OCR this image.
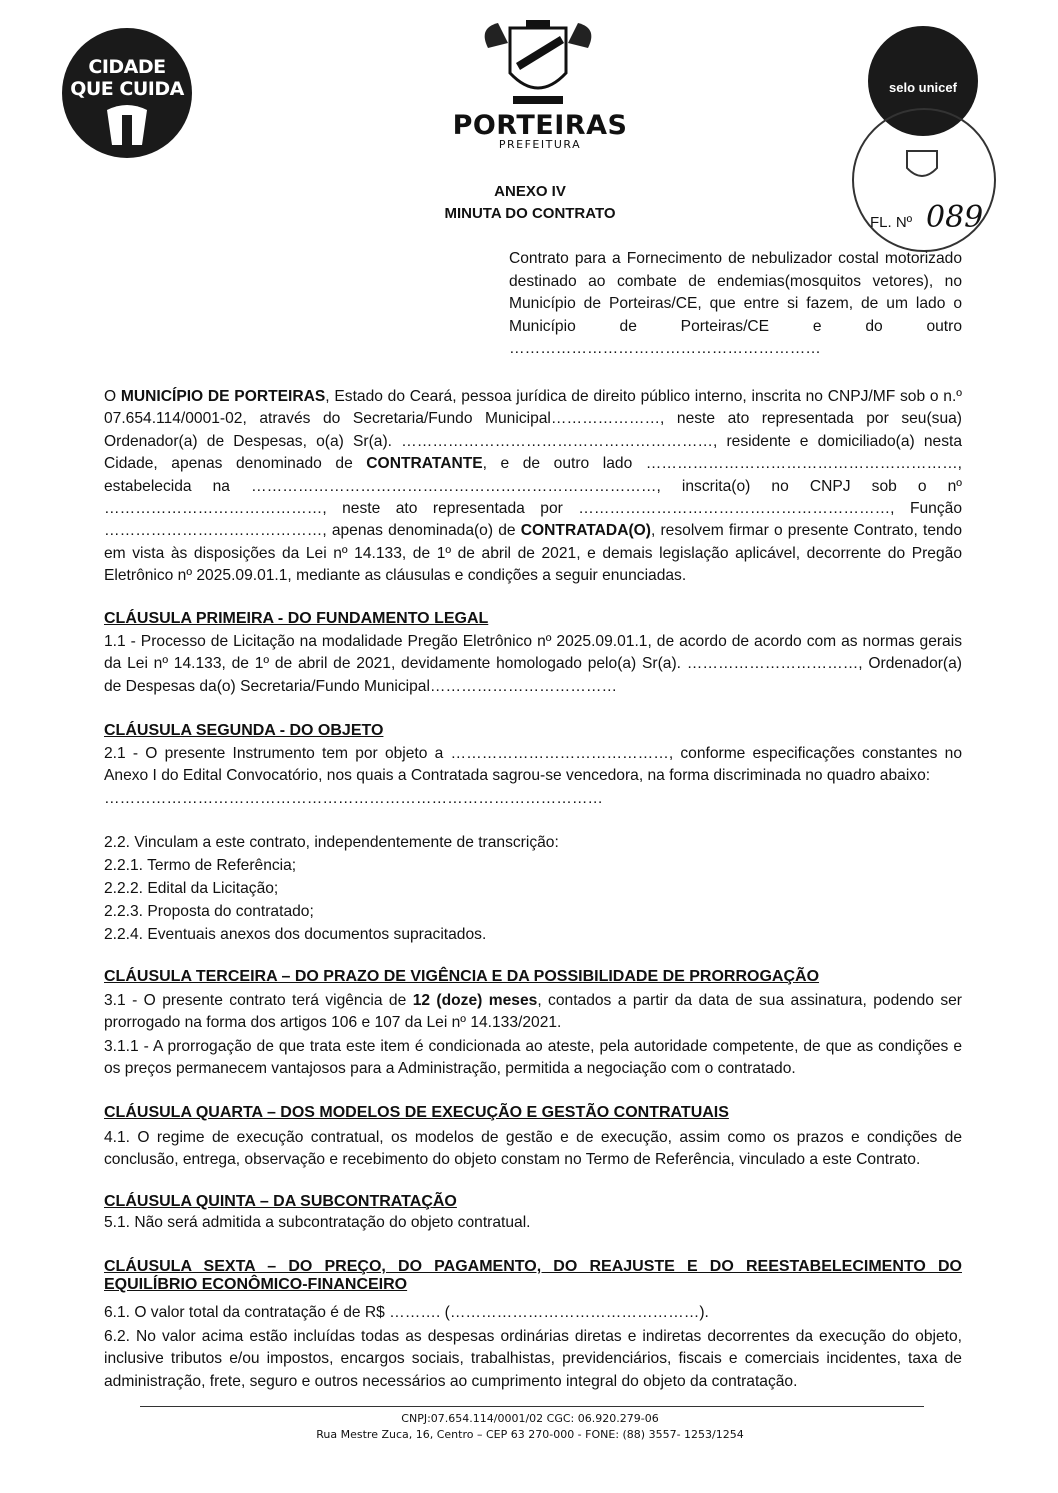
CIDADE
QUE CUIDA
PORTEIRAS
PREFEITURA
selo unicef
FL. Nº 089
ANEXO IV
MINUTA DO CONTRATO
Contrato para a Fornecimento de nebulizador costal motorizado destinado ao combate de endemias(mosquitos vetores), no Município de Porteiras/CE, que entre si fazem, de um lado o Município de Porteiras/CE e do outro ……………………………………………………

O MUNICÍPIO DE PORTEIRAS, Estado do Ceará, pessoa jurídica de direito público interno, inscrita no CNPJ/MF sob o n.º 07.654.114/0001-02, através do Secretaria/Fundo Municipal…………………, neste ato representada por seu(sua) Ordenador(a) de Despesas, o(a) Sr(a). ……………………………………………………, residente e domiciliado(a) nesta Cidade, apenas denominado de CONTRATANTE, e de outro lado ……………………………………………………, estabelecida na ……………………………………………………………………, inscrita(o) no CNPJ sob o nº ……………………………………, neste ato representada por ……………………………………………………, Função ……………………………………, apenas denominada(o) de CONTRATADA(O), resolvem firmar o presente Contrato, tendo em vista às disposições da Lei nº 14.133, de 1º de abril de 2021, e demais legislação aplicável, decorrente do Pregão Eletrônico nº 2025.09.01.1, mediante as cláusulas e condições a seguir enunciadas.

CLÁUSULA PRIMEIRA - DO FUNDAMENTO LEGAL

1.1 - Processo de Licitação na modalidade Pregão Eletrônico nº 2025.09.01.1, de acordo de acordo com as normas gerais da Lei nº 14.133, de 1º de abril de 2021, devidamente homologado pelo(a) Sr(a). ……………………………, Ordenador(a) de Despesas da(o) Secretaria/Fundo Municipal………………………………

CLÁUSULA SEGUNDA - DO OBJETO

2.1 - O presente Instrumento tem por objeto a ……………………………………, conforme especificações constantes no Anexo I do Edital Convocatório, nos quais a Contratada sagrou-se vencedora, na forma discriminada no quadro abaixo:

……………………………………………………………………………………

2.2. Vinculam a este contrato, independentemente de transcrição:

2.2.1. Termo de Referência;

2.2.2. Edital da Licitação;

2.2.3. Proposta do contratado;

2.2.4. Eventuais anexos dos documentos supracitados.

CLÁUSULA TERCEIRA – DO PRAZO DE VIGÊNCIA E DA POSSIBILIDADE DE PRORROGAÇÃO

3.1 - O presente contrato terá vigência de 12 (doze) meses, contados a partir da data de sua assinatura, podendo ser prorrogado na forma dos artigos 106 e 107 da Lei nº 14.133/2021.

3.1.1 - A prorrogação de que trata este item é condicionada ao ateste, pela autoridade competente, de que as condições e os preços permanecem vantajosos para a Administração, permitida a negociação com o contratado.

CLÁUSULA QUARTA – DOS MODELOS DE EXECUÇÃO E GESTÃO CONTRATUAIS

4.1. O regime de execução contratual, os modelos de gestão e de execução, assim como os prazos e condições de conclusão, entrega, observação e recebimento do objeto constam no Termo de Referência, vinculado a este Contrato.

CLÁUSULA QUINTA – DA SUBCONTRATAÇÃO

5.1. Não será admitida a subcontratação do objeto contratual.

CLÁUSULA SEXTA – DO PREÇO, DO PAGAMENTO, DO REAJUSTE E DO REESTABELECIMENTO DO EQUILÍBRIO ECONÔMICO-FINANCEIRO

6.1. O valor total da contratação é de R$ ………. (…………………………………………).

6.2. No valor acima estão incluídas todas as despesas ordinárias diretas e indiretas decorrentes da execução do objeto, inclusive tributos e/ou impostos, encargos sociais, trabalhistas, previdenciários, fiscais e comerciais incidentes, taxa de administração, frete, seguro e outros necessários ao cumprimento integral do objeto da contratação.

CNPJ:07.654.114/0001/02 CGC: 06.920.279-06
Rua Mestre Zuca, 16, Centro – CEP 63 270-000 - FONE: (88) 3557- 1253/1254
